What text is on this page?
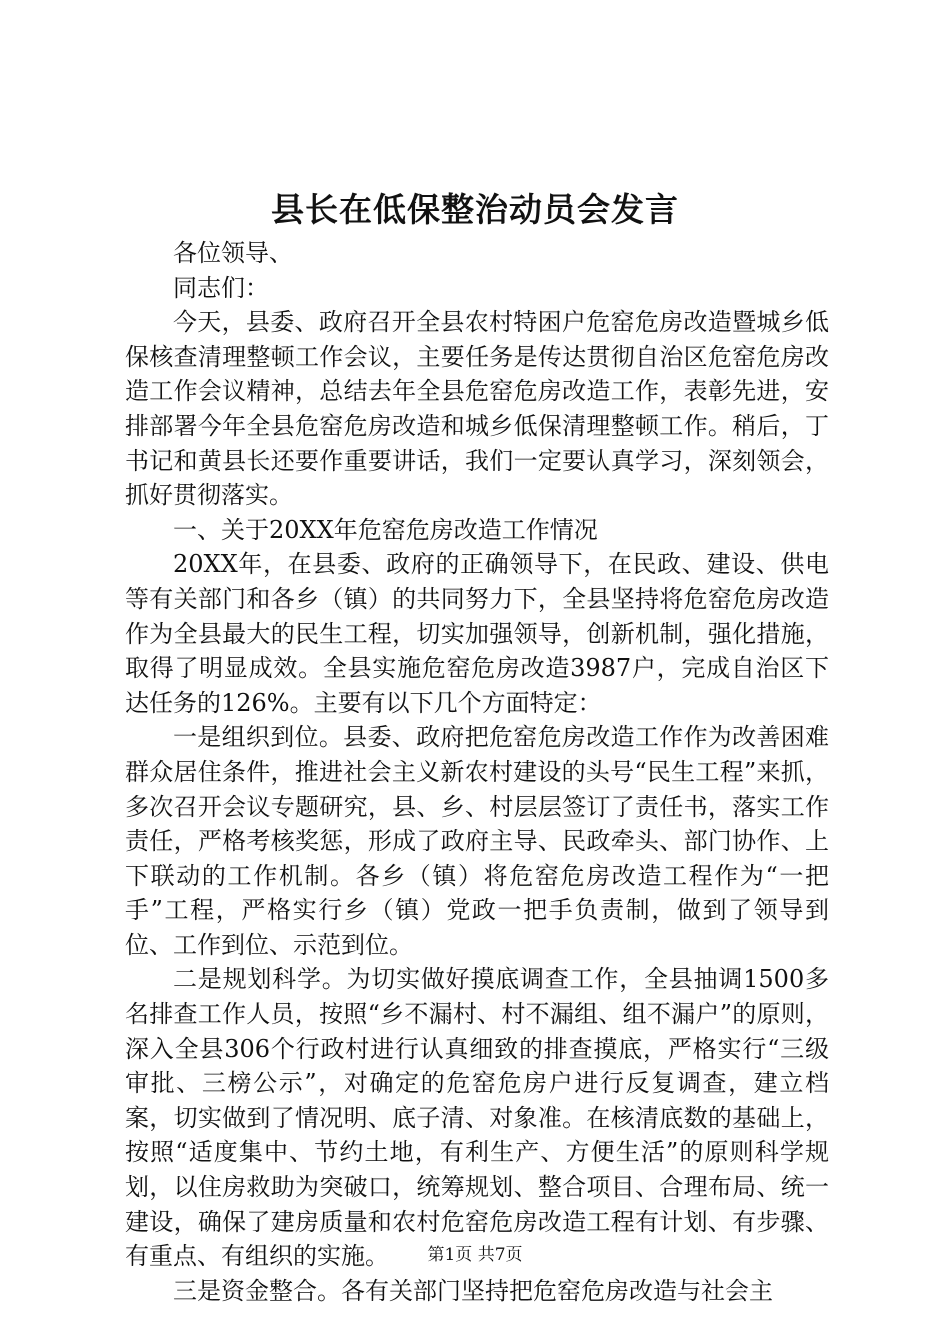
县长在低保整治动员会发言

各位领导、

同志们：

今天，县委、政府召开全县农村特困户危窑危房改造暨城乡低保核查清理整顿工作会议，主要任务是传达贯彻自治区危窑危房改造工作会议精神，总结去年全县危窑危房改造工作，表彰先进，安排部署今年全县危窑危房改造和城乡低保清理整顿工作。稍后，丁书记和黄县长还要作重要讲话，我们一定要认真学习，深刻领会，抓好贯彻落实。

一、关于20XX年危窑危房改造工作情况

20XX年，在县委、政府的正确领导下，在民政、建设、供电等有关部门和各乡（镇）的共同努力下，全县坚持将危窑危房改造作为全县最大的民生工程，切实加强领导，创新机制，强化措施，取得了明显成效。全县实施危窑危房改造3987户，完成自治区下达任务的126%。主要有以下几个方面特定：

一是组织到位。县委、政府把危窑危房改造工作作为改善困难群众居住条件，推进社会主义新农村建设的头号“民生工程”来抓，多次召开会议专题研究，县、乡、村层层签订了责任书，落实工作责任，严格考核奖惩，形成了政府主导、民政牵头、部门协作、上下联动的工作机制。各乡（镇）将危窑危房改造工程作为“一把手”工程，严格实行乡（镇）党政一把手负责制，做到了领导到位、工作到位、示范到位。

二是规划科学。为切实做好摸底调查工作，全县抽调1500多名排查工作人员，按照“乡不漏村、村不漏组、组不漏户”的原则，深入全县306个行政村进行认真细致的排查摸底，严格实行“三级审批、三榜公示”，对确定的危窑危房户进行反复调查，建立档案，切实做到了情况明、底子清、对象准。在核清底数的基础上，按照“适度集中、节约土地，有利生产、方便生活”的原则科学规划，以住房救助为突破口，统筹规划、整合项目、合理布局、统一建设，确保了建房质量和农村危窑危房改造工程有计划、有步骤、有重点、有组织的实施。

三是资金整合。各有关部门坚持把危窑危房改造与社会主

第1页 共7页
